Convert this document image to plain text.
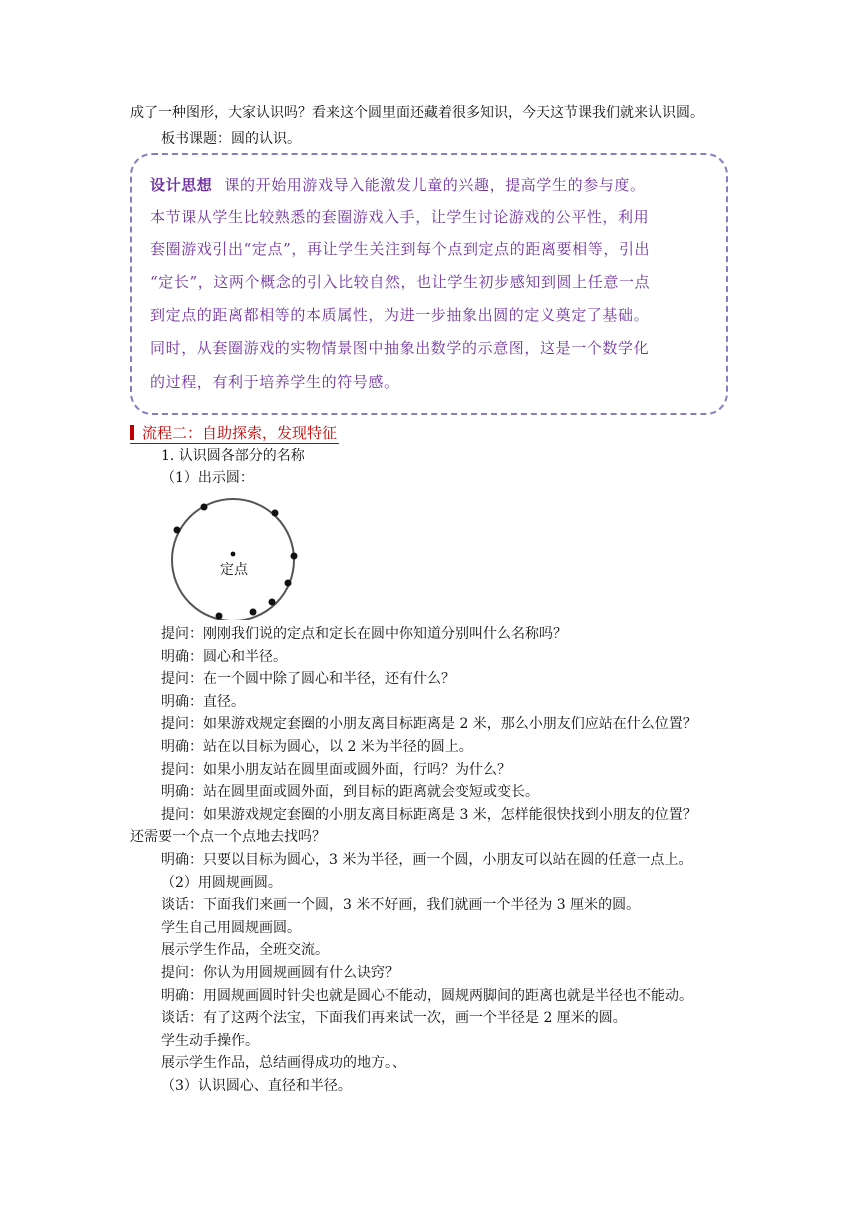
成了一种图形，大家认识吗？看来这个圆里面还藏着很多知识，今天这节课我们就来认识圆。
板书课题：圆的认识。
设计思想 课的开始用游戏导入能激发儿童的兴趣，提高学生的参与度。
本节课从学生比较熟悉的套圈游戏入手，让学生讨论游戏的公平性，利用
套圈游戏引出“定点”，再让学生关注到每个点到定点的距离要相等，引出
“定长”，这两个概念的引入比较自然，也让学生初步感知到圆上任意一点
到定点的距离都相等的本质属性，为进一步抽象出圆的定义奠定了基础。
同时，从套圈游戏的实物情景图中抽象出数学的示意图，这是一个数学化
的过程，有利于培养学生的符号感。
流程二：自助探索，发现特征
1. 认识圆各部分的名称
（1）出示圆：
定点
提问：刚刚我们说的定点和定长在圆中你知道分别叫什么名称吗？
明确：圆心和半径。
提问：在一个圆中除了圆心和半径，还有什么？
明确：直径。
提问：如果游戏规定套圈的小朋友离目标距离是 2 米，那么小朋友们应站在什么位置？
明确：站在以目标为圆心，以 2 米为半径的圆上。
提问：如果小朋友站在圆里面或圆外面，行吗？为什么？
明确：站在圆里面或圆外面，到目标的距离就会变短或变长。
提问：如果游戏规定套圈的小朋友离目标距离是 3 米，怎样能很快找到小朋友的位置？
还需要一个点一个点地去找吗？
明确：只要以目标为圆心，3 米为半径，画一个圆，小朋友可以站在圆的任意一点上。
（2）用圆规画圆。
谈话：下面我们来画一个圆，3 米不好画，我们就画一个半径为 3 厘米的圆。
学生自己用圆规画圆。
展示学生作品，全班交流。
提问：你认为用圆规画圆有什么诀窍？
明确：用圆规画圆时针尖也就是圆心不能动，圆规两脚间的距离也就是半径也不能动。
谈话：有了这两个法宝，下面我们再来试一次，画一个半径是 2 厘米的圆。
学生动手操作。
展示学生作品，总结画得成功的地方。、
（3）认识圆心、直径和半径。
